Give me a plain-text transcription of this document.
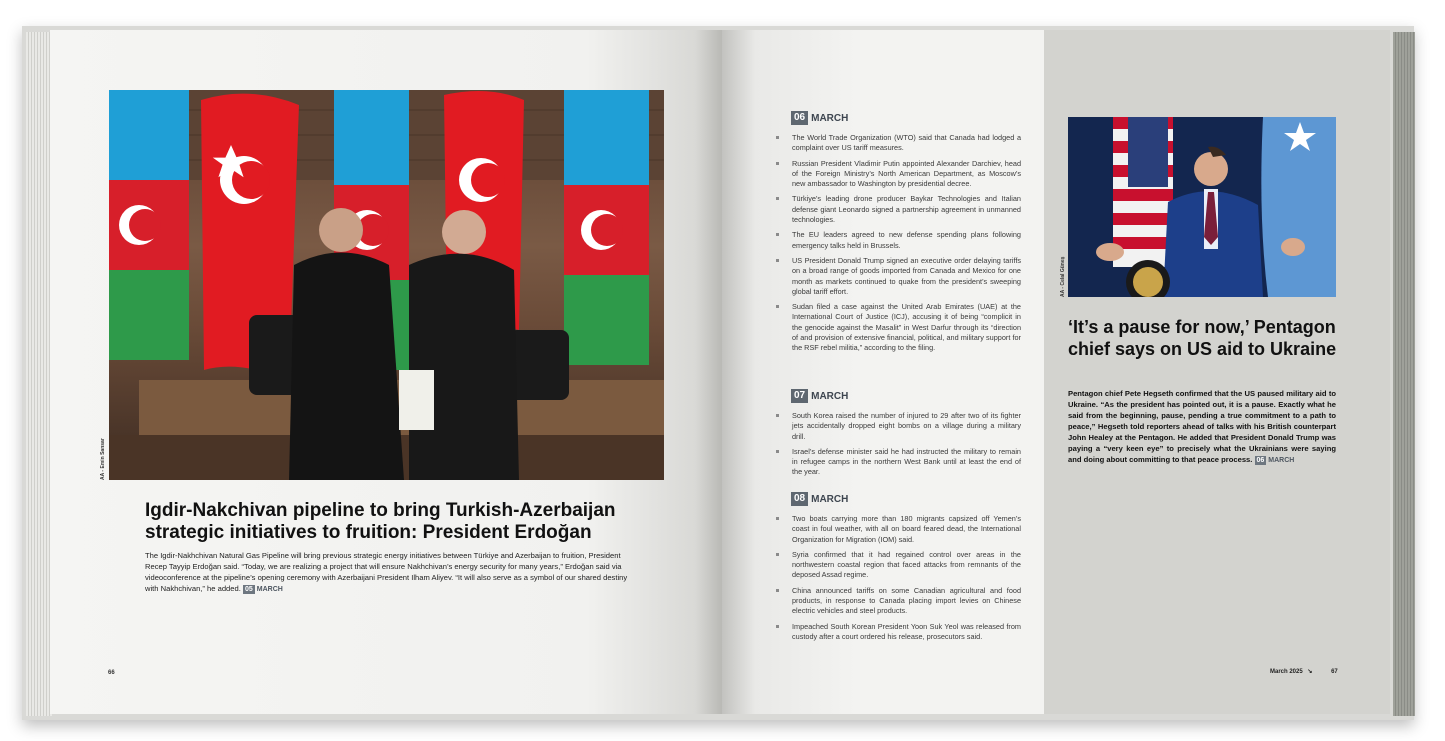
AA - Emin Sansar
Igdir-Nakchivan pipeline to bring Turkish-Azerbaijan strategic initiatives to fruition: President Erdoğan
The Igdir-Nakhchivan Natural Gas Pipeline will bring previous strategic energy initiatives between Türkiye and Azerbaijan to fruition, President Recep Tayyip Erdoğan said. “Today, we are realizing a project that will ensure Nakhchivan’s energy security for many years,” Erdoğan said via videoconference at the pipeline’s opening ceremony with Azerbaijani President Ilham Aliyev. “It will also serve as a symbol of our shared destiny with Nakhchivan,” he added. 05 MARCH
66
06 MARCH
The World Trade Organization (WTO) said that Canada had lodged a complaint over US tariff measures.
Russian President Vladimir Putin appointed Alexander Darchiev, head of the Foreign Ministry’s North American Department, as Moscow’s new ambassador to Washington by presidential decree.
Türkiye’s leading drone producer Baykar Technologies and Italian defense giant Leonardo signed a partnership agreement in unmanned technologies.
The EU leaders agreed to new defense spending plans following emergency talks held in Brussels.
US President Donald Trump signed an executive order delaying tariffs on a broad range of goods imported from Canada and Mexico for one month as markets continued to quake from the president’s sweeping global tariff effort.
Sudan filed a case against the United Arab Emirates (UAE) at the International Court of Justice (ICJ), accusing it of being “complicit in the genocide against the Masalit” in West Darfur through its “direction of and provision of extensive financial, political, and military support for the RSF rebel militia,” according to the filing.
07 MARCH
South Korea raised the number of injured to 29 after two of its fighter jets accidentally dropped eight bombs on a village during a military drill.
Israel’s defense minister said he had instructed the military to remain in refugee camps in the northern West Bank until at least the end of the year.
08 MARCH
Two boats carrying more than 180 migrants capsized off Yemen’s coast in foul weather, with all on board feared dead, the International Organization for Migration (IOM) said.
Syria confirmed that it had regained control over areas in the northwestern coastal region that faced attacks from remnants of the deposed Assad regime.
China announced tariffs on some Canadian agricultural and food products, in response to Canada placing import levies on Chinese electric vehicles and steel products.
Impeached South Korean President Yoon Suk Yeol was released from custody after a court ordered his release, prosecutors said.
AA - Celal Güneş
‘It’s a pause for now,’ Pentagon chief says on US aid to Ukraine
Pentagon chief Pete Hegseth confirmed that the US paused military aid to Ukraine. “As the president has pointed out, it is a pause. Exactly what he said from the beginning, pause, pending a true commitment to a path to peace,” Hegseth told reporters ahead of talks with his British counterpart John Healey at the Pentagon. He added that President Donald Trump was paying a “very keen eye” to precisely what the Ukrainians were saying and doing about committing to that peace process. 06 MARCH
March 2025 ↘	67
